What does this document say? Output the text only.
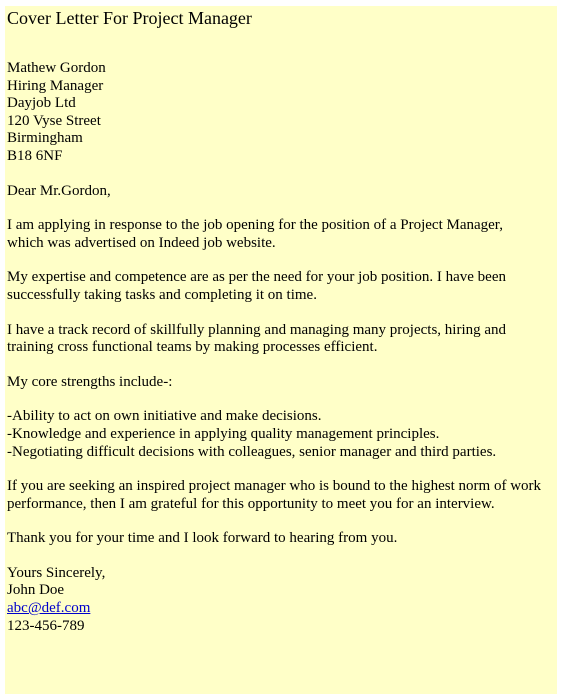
Cover Letter For Project Manager
Mathew Gordon
Hiring Manager
Dayjob Ltd
120 Vyse Street
Birmingham
B18 6NF

Dear Mr.Gordon,

I am applying in response to the job opening for the position of a Project Manager,
which was advertised on Indeed job website.

My expertise and competence are as per the need for your job position. I have been
successfully taking tasks and completing it on time.

I have a track record of skillfully planning and managing many projects, hiring and
training cross functional teams by making processes efficient.

My core strengths include-:

-Ability to act on own initiative and make decisions.
-Knowledge and experience in applying quality management principles.
-Negotiating difficult decisions with colleagues, senior manager and third parties.

If you are seeking an inspired project manager who is bound to the highest norm of work
performance, then I am grateful for this opportunity to meet you for an interview.

Thank you for your time and I look forward to hearing from you.

Yours Sincerely,
John Doe
abc@def.com
123-456-789
